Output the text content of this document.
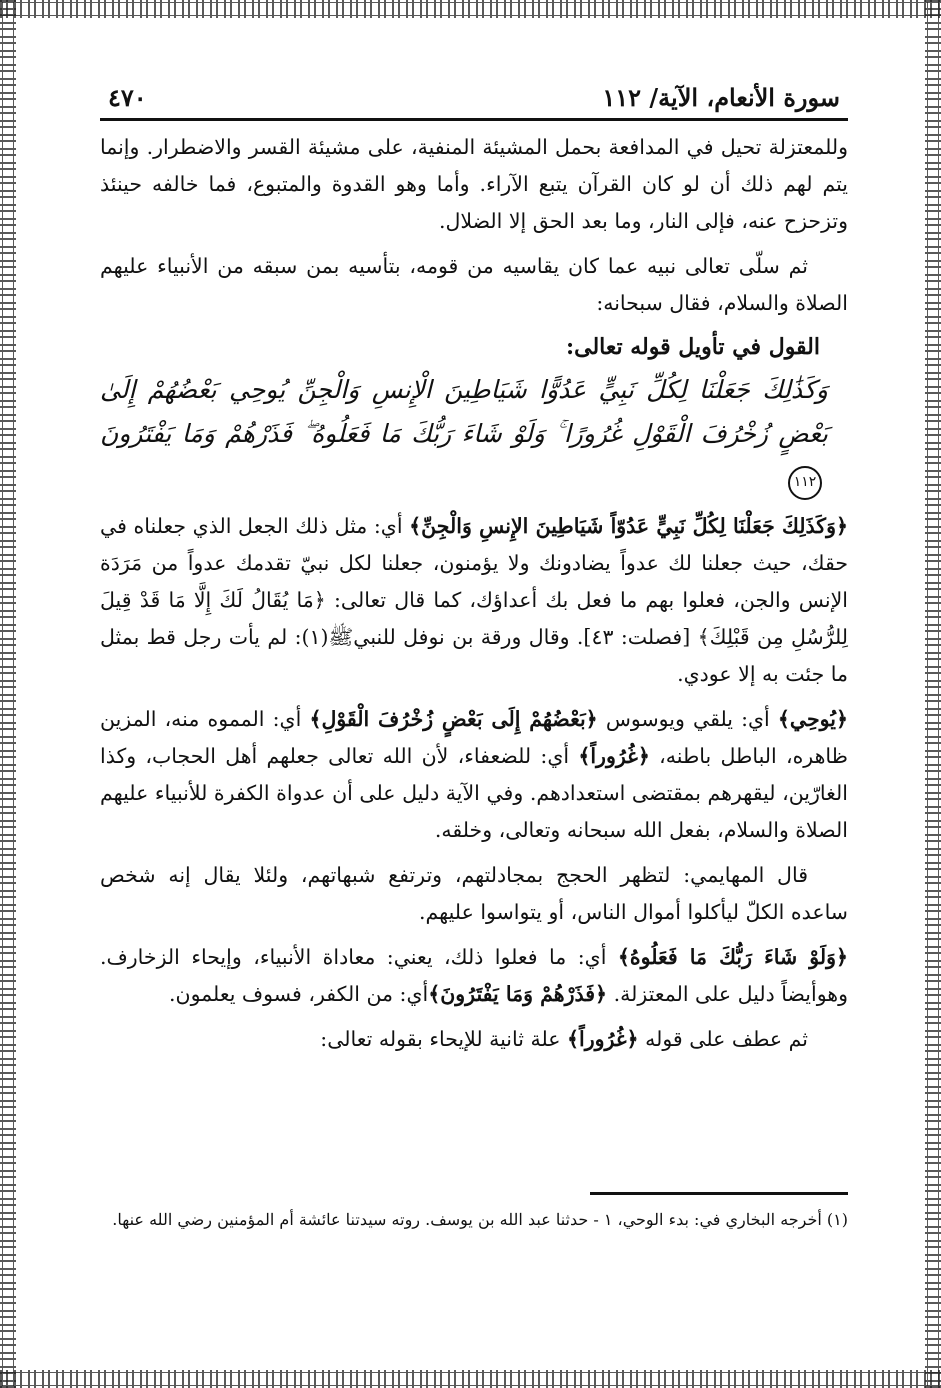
سورة الأنعام، الآية/ ١١٢
٤٧٠

وللمعتزلة تحيل في المدافعة بحمل المشيئة المنفية، على مشيئة القسر والاضطرار. وإنما يتم لهم ذلك أن لو كان القرآن يتبع الآراء. وأما وهو القدوة والمتبوع، فما خالفه حينئذ وتزحزح عنه، فإلى النار، وما بعد الحق إلا الضلال.

ثم سلّى تعالى نبيه عما كان يقاسيه من قومه، بتأسيه بمن سبقه من الأنبياء عليهم الصلاة والسلام، فقال سبحانه:

القول في تأويل قوله تعالى:
وَكَذَٰلِكَ جَعَلْنَا لِكُلِّ نَبِيٍّ عَدُوًّا شَيَاطِينَ الْإِنسِ وَالْجِنِّ يُوحِي بَعْضُهُمْ إِلَىٰ بَعْضٍ زُخْرُفَ الْقَوْلِ غُرُورًا ۚ وَلَوْ شَاءَ رَبُّكَ مَا فَعَلُوهُ ۖ فَذَرْهُمْ وَمَا يَفْتَرُونَ ١١٢

﴿وَكَذَلِكَ جَعَلْنَا لِكُلِّ نَبِيٍّ عَدُوّاً شَيَاطِينَ الإِنسِ وَالْجِنِّ﴾ أي: مثل ذلك الجعل الذي جعلناه في حقك، حيث جعلنا لك عدواً يضادونك ولا يؤمنون، جعلنا لكل نبيّ تقدمك عدواً من مَرَدَة الإنس والجن، فعلوا بهم ما فعل بك أعداؤك، كما قال تعالى: ﴿مَا يُقَالُ لَكَ إِلَّا مَا قَدْ قِيلَ لِلرُّسُلِ مِن قَبْلِكَ﴾ [فصلت: ٤٣]. وقال ورقة بن نوفل للنبيﷺ(١): لم يأت رجل قط بمثل ما جئت به إلا عودي.

﴿يُوحِي﴾ أي: يلقي ويوسوس ﴿بَعْضُهُمْ إِلَى بَعْضٍ زُخْرُفَ الْقَوْلِ﴾ أي: المموه منه، المزين ظاهره، الباطل باطنه، ﴿غُرُوراً﴾ أي: للضعفاء، لأن الله تعالى جعلهم أهل الحجاب، وكذا الغارّين، ليقهرهم بمقتضى استعدادهم. وفي الآية دليل على أن عدواة الكفرة للأنبياء عليهم الصلاة والسلام، بفعل الله سبحانه وتعالى، وخلقه.

قال المهايمي: لتظهر الحجج بمجادلتهم، وترتفع شبهاتهم، ولئلا يقال إنه شخص ساعده الكلّ ليأكلوا أموال الناس، أو يتواسوا عليهم.

﴿وَلَوْ شَاءَ رَبُّكَ مَا فَعَلُوهُ﴾ أي: ما فعلوا ذلك، يعني: معاداة الأنبياء، وإيحاء الزخارف. وهوأيضاً دليل على المعتزلة. ﴿فَذَرْهُمْ وَمَا يَفْتَرُونَ﴾أي: من الكفر، فسوف يعلمون.

ثم عطف على قوله ﴿غُرُوراً﴾ علة ثانية للإيحاء بقوله تعالى:

(١) أخرجه البخاري في: بدء الوحي، ١ - حدثنا عبد الله بن يوسف. روته سيدتنا عائشة أم المؤمنين رضي الله عنها.
